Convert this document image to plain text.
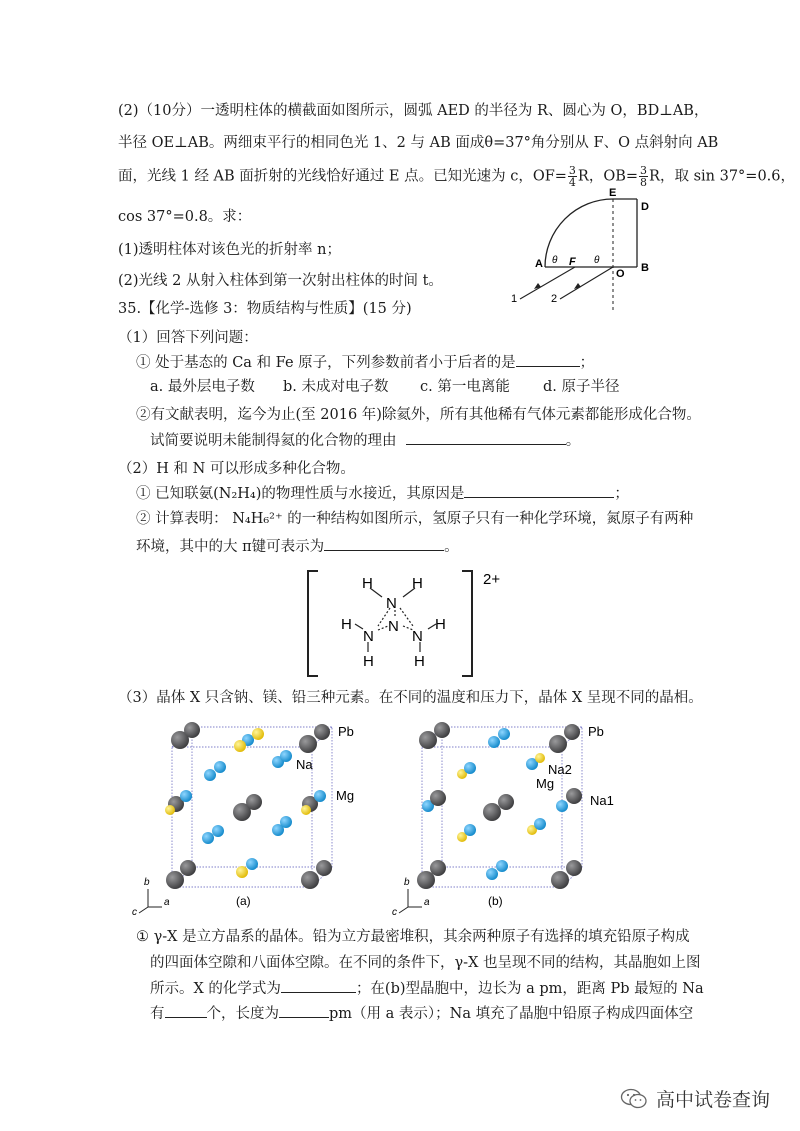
(2)（10分）一透明柱体的横截面如图所示，圆弧 AED 的半径为 R、圆心为 O，BD⊥AB，
半径 OE⊥AB。两细束平行的相同色光 1、2 与 AB 面成θ=37°角分别从 F、O 点斜射向 AB
面，光线 1 经 AB 面折射的光线恰好通过 E 点。已知光速为 c，$OF= \frac{3}{4}$ R，$OB= \frac{3}{8}$ R，取 sin 37°=0.6，
cos 37°=0.8。求：
(1)透明柱体对该色光的折射率 n；
(2)光线 2 从射入柱体到第一次射出柱体的时间 t。
E
D
A F
θ	θ
O B
1	2
35.【化学-选修 3：物质结构与性质】(15 分)
（1）回答下列问题：
① 处于基态的 Ca 和 Fe 原子，下列参数前者小于后者的是	；
a. 最外层电子数 b. 未成对电子数 c. 第一电离能 d. 原子半径
②有文献表明，迄今为止(至 2016 年)除氦外，所有其他稀有气体元素都能形成化合物。
试简要说明未能制得氦的化合物的理由	。
（2）H 和 N 可以形成多种化合物。
① 已知联氨(N₂H₄)的物理性质与水接近，其原因是	；
② 计算表明： N₄H₆²⁺ 的一种结构如图所示，氢原子只有一种化学环境，氮原子有两种
环境，其中的大 π键可表示为	。
2+
H	H
N
H
N
N
N
H
H	H
（3）晶体 X 只含钠、镁、铅三种元素。在不同的温度和压力下，晶体 X 呈现不同的晶相。
Pb
Na
Mg
(a)
Pb
Na2
Mg
Na1
(b)
b
a
c
b
a
c
① γ-X 是立方晶系的晶体。铅为立方最密堆积，其余两种原子有选择的填充铅原子构成
的四面体空隙和八面体空隙。在不同的条件下，γ-X 也呈现不同的结构，其晶胞如上图
所示。X 的化学式为	；在(b)型晶胞中，边长为 a pm，距离 Pb 最短的 Na
有	个，长度为	pm（用 a 表示）；Na 填充了晶胞中铅原子构成四面体空
高中试卷查询
